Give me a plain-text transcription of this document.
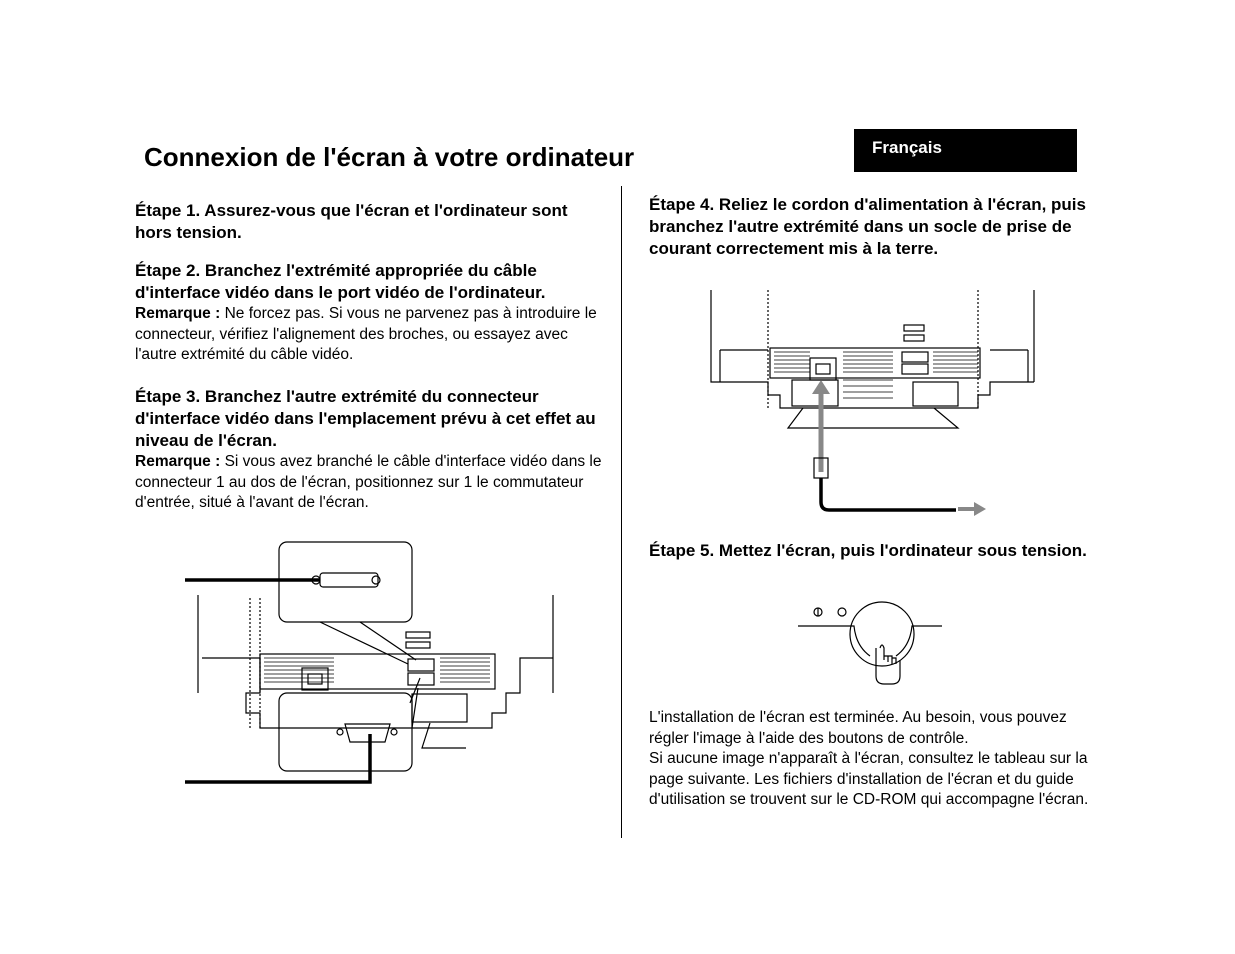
Connexion de l'écran à votre ordinateur	Français

Étape 1. Assurez-vous que l'écran et l'ordinateur sont hors tension.

Étape 2. Branchez l'extrémité appropriée du câble d'interface vidéo dans le port vidéo de l'ordinateur.

Remarque : Ne forcez pas. Si vous ne parvenez pas à introduire le connecteur, vérifiez l'alignement des broches, ou essayez avec l'autre extrémité du câble vidéo.

Étape 3. Branchez l'autre extrémité du connecteur d'interface vidéo dans l'emplacement prévu à cet effet au niveau de l'écran.

Remarque : Si vous avez branché le câble d'interface vidéo dans le connecteur 1 au dos de l'écran, positionnez sur 1 le commutateur d'entrée, situé à l'avant de l'écran.

Étape 4. Reliez le cordon d'alimentation à l'écran, puis branchez l'autre extrémité dans un socle de prise de courant correctement mis à la terre.

Étape 5. Mettez l'écran, puis l'ordinateur sous tension.

L'installation de l'écran est terminée. Au besoin, vous pouvez régler l'image à l'aide des boutons de contrôle.

Si aucune image n'apparaît à l'écran, consultez le tableau sur la page suivante. Les fichiers d'installation de l'écran et du guide d'utilisation se trouvent sur le CD-ROM qui accompagne l'écran.
